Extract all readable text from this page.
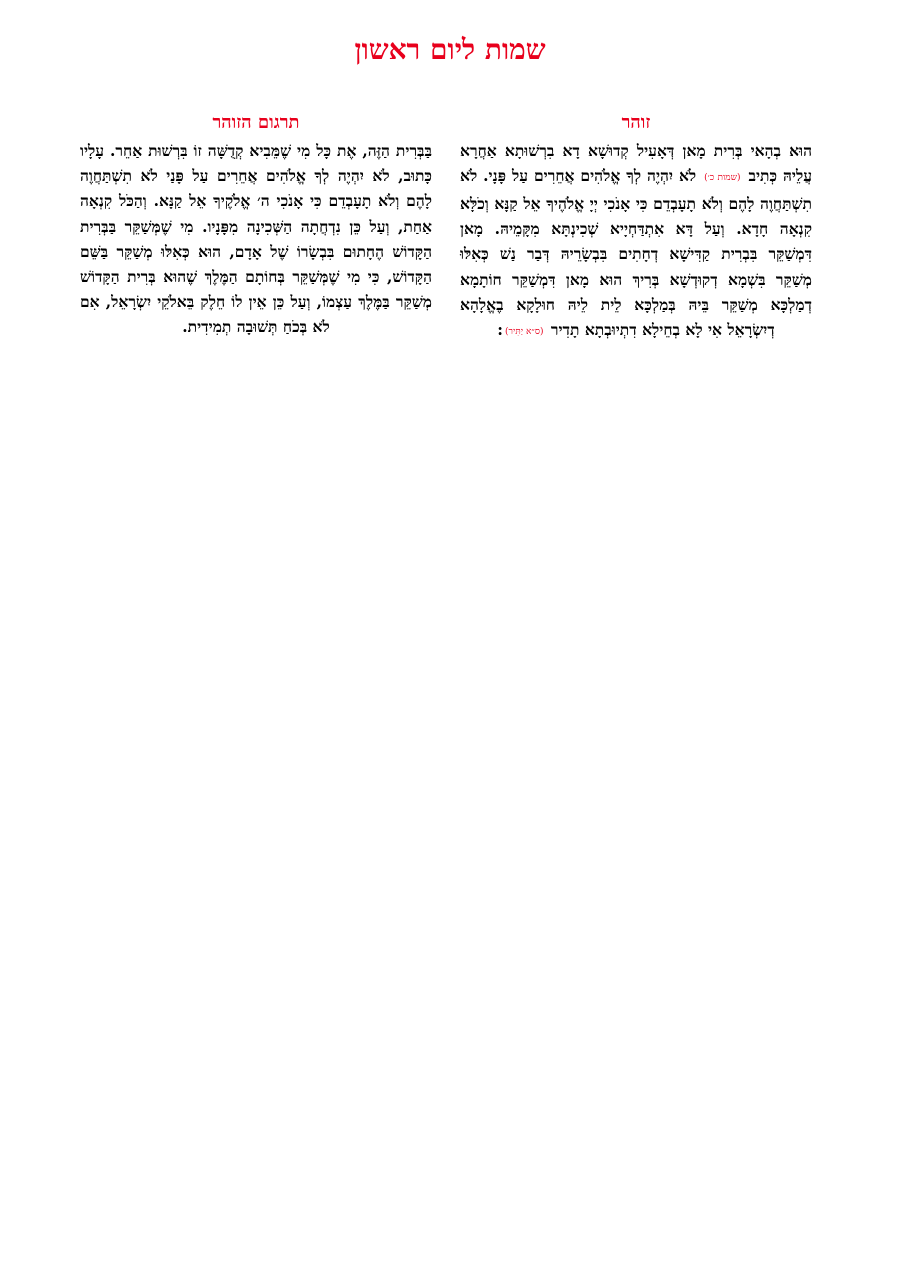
שמות ליום ראשון
זוהר

הוּא בְהָאי בְּרִית מָאן דְּאָעִיל קְדוּשָׁא דָא בִרְשׁוּתָא אַחֲרָא עֲלֵיהּ כְּתִיב (שמות כ׳) לֹא יִהְיֶה לְךָ אֱלֹהִים אֲחֵרִים עַל פָּנָי. לֹא תִשְׁתַּחֲוֶה לָהֶם וְלֹא תָעָבְדֵם כִּי אָנֹכִי יְיָ אֱלֹהֶיךָ אֵל קַנָּא וְכֹלָּא קִנְאָה חָדָא. וְעַל דָּא אִתְדַּחְיָיא שְׁכִינְתָּא מִקָּמֵיהּ. מָאן דִּמְשַׁקֵּר בִּבְרִית קַדִּישָׁא דְחָתִים בִּבְשָׂרֵיהּ דְּבַר נַשׁ כְּאִלּוּ מְשַׁקֵּר בִּשְׁמָא דְקוּדְשָׁא בְּרִיךְ הוּא מָאן דִּמְשַׁקֵּר חוֹתָמָא דְמַלְכָּא מְשַׁקֵּר בֵּיהּ בְּמַלְכָּא לֵית לֵיהּ חוּלָקָא בֶאֱלָהָא דְיִשְׂרָאֵל אִי לָא בְחֵילָא דִתְיוּבְתָא תָדִיר (ס״א יַתִּיר):

תרגום הזוהר

בַּבְּרִית הַזֶּה, אֶת כָּל מִי שֶׁמֵּבִיא קְדֻשָּׁה זוֹ בִּרְשׁוּת אַחֵר. עָלָיו כָּתוּב, לֹא יִהְיֶה לְךָ אֱלֹהִים אֲחֵרִים עַל פָּנַי לֹא תִשְׁתַּחֲוֶה לָהֶם וְלֹא תָעָבְדֵם כִּי אָנֹכִי ה׳ אֱלֹקֶיךָ אֵל קַנָּא. וְהַכֹּל קִנְאָה אַחַת, וְעַל כֵּן נִדְחֲתָה הַשְּׁכִינָה מִפָּנָיו. מִי שֶׁמְּשַׁקֵּר בַּבְּרִית הַקָּדוֹשׁ הֶחָתוּם בִּבְשָׂרוֹ שֶׁל אָדָם, הוּא כְּאִלּוּ מְשַׁקֵּר בַּשֵּׁם הַקָּדוֹשׁ, כִּי מִי שֶׁמְּשַׁקֵּר בְּחוֹתָם הַמֶּלֶךְ שֶׁהוּא בְּרִית הַקָּדוֹשׁ מְשַׁקֵּר בַּמֶּלֶךְ עַצְמוֹ, וְעַל כֵּן אֵין לוֹ חֵלֶק בֵּאלֹקֵי יִשְׂרָאֵל, אִם לֹא בְּכֹחַ תְּשׁוּבָה תְמִידִית.
